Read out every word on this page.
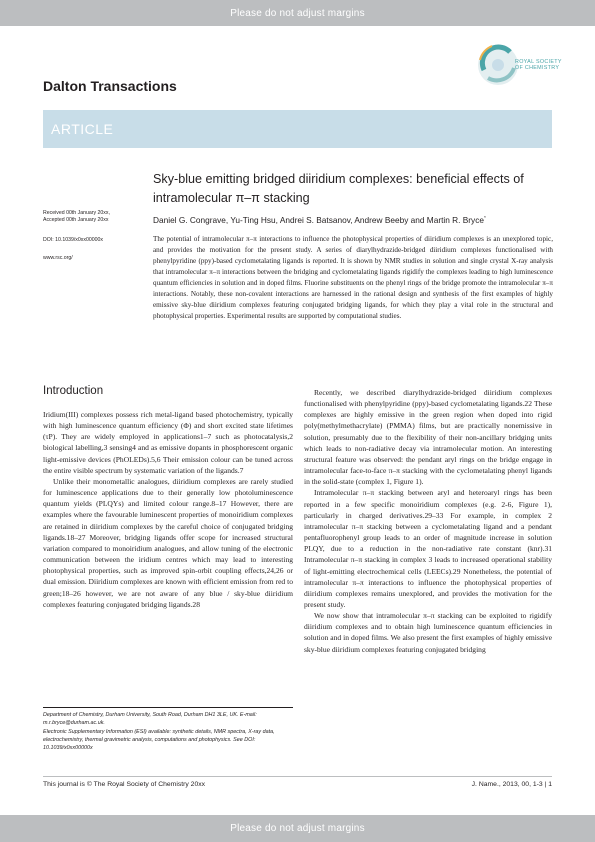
Please do not adjust margins
Dalton Transactions
ROYAL SOCIETY
OF CHEMISTRY
ARTICLE
Sky-blue emitting bridged diiridium complexes: beneficial effects of intramolecular π–π stacking
Received 00th January 20xx,
Accepted 00th January 20xx
DOI: 10.1039/x0xx00000x
www.rsc.org/
Daniel G. Congrave, Yu-Ting Hsu, Andrei S. Batsanov, Andrew Beeby and Martin R. Bryce*
The potential of intramolecular π–π interactions to influence the photophysical properties of diiridium complexes is an unexplored topic, and provides the motivation for the present study. A series of diarylhydrazide-bridged diiridium complexes functionalised with phenylpyridine (ppy)-based cyclometalating ligands is reported. It is shown by NMR studies in solution and single crystal X-ray analysis that intramolecular π–π interactions between the bridging and cyclometalating ligands rigidify the complexes leading to high luminescence quantum efficiencies in solution and in doped films. Fluorine substituents on the phenyl rings of the bridge promote the intramolecular π–π interactions. Notably, these non-covalent interactions are harnessed in the rational design and synthesis of the first examples of highly emissive sky-blue diiridium complexes featuring conjugated bridging ligands, for which they play a vital role in the structural and photophysical properties. Experimental results are supported by computational studies.
Introduction

Iridium(III) complexes possess rich metal-ligand based photochemistry, typically with high luminescence quantum efficiency (Φ) and short excited state lifetimes (τP). They are widely employed in applications1–7 such as photocatalysis,2 biological labelling,3 sensing4 and as emissive dopants in phosphorescent organic light-emissive devices (PhOLEDs).5,6 Their emission colour can be tuned across the entire visible spectrum by systematic variation of the ligands.7

Unlike their monometallic analogues, diiridium complexes are rarely studied for luminescence applications due to their generally low photoluminescence quantum yields (PLQYs) and limited colour range.8–17 However, there are examples where the favourable luminescent properties of monoiridium complexes are retained in diiridium complexes by the careful choice of conjugated bridging ligands.18–27 Moreover, bridging ligands offer scope for increased structural variation compared to monoiridium analogues, and allow tuning of the electronic communication between the iridium centres which may lead to interesting photophysical properties, such as improved spin-orbit coupling effects,24,26 or dual emission. Diiridium complexes are known with efficient emission from red to green;18–26 however, we are not aware of any blue / sky-blue diiridium complexes featuring conjugated bridging ligands.28

Recently, we described diarylhydrazide-bridged diiridium complexes functionalised with phenylpyridine (ppy)-based cyclometalating ligands.22 These complexes are highly emissive in the green region when doped into rigid poly(methylmethacrylate) (PMMA) films, but are practically nonemissive in solution, presumably due to the flexibility of their non-ancillary bridging units which leads to non-radiative decay via intramolecular motion. An interesting structural feature was observed: the pendant aryl rings on the bridge engage in intramolecular face-to-face π–π stacking with the cyclometalating phenyl ligands in the solid-state (complex 1, Figure 1).

Intramolecular π–π stacking between aryl and heteroaryl rings has been reported in a few specific monoiridium complexes (e.g. 2-6, Figure 1), particularly in charged derivatives.29–33 For example, in complex 2 intramolecular π–π stacking between a cyclometalating ligand and a pendant pentafluorophenyl group leads to an order of magnitude increase in solution PLQY, due to a reduction in the non-radiative rate constant (knr).31 Intramolecular π–π stacking in complex 3 leads to increased operational stability of light-emitting electrochemical cells (LEECs).29 Nonetheless, the potential of intramolecular π–π interactions to influence the photophysical properties of diiridium complexes remains unexplored, and provides the motivation for the present study.

We now show that intramolecular π–π stacking can be exploited to rigidify diiridium complexes and to obtain high luminescence quantum efficiencies in solution and in doped films. We also present the first examples of highly emissive sky-blue diiridium complexes featuring conjugated bridging

Department of Chemistry, Durham University, South Road, Durham DH1 3LE, UK. E-mail: m.r.bryce@durham.ac.uk.

Electronic Supplementary Information (ESI) available: synthetic details, NMR spectra, X-ray data, electrochemistry, thermal gravimetric analysis, computations and photophysics. See DOI: 10.1039/x0xx00000x

This journal is © The Royal Society of Chemistry 20xx	J. Name., 2013, 00, 1-3 | 1
Please do not adjust margins
